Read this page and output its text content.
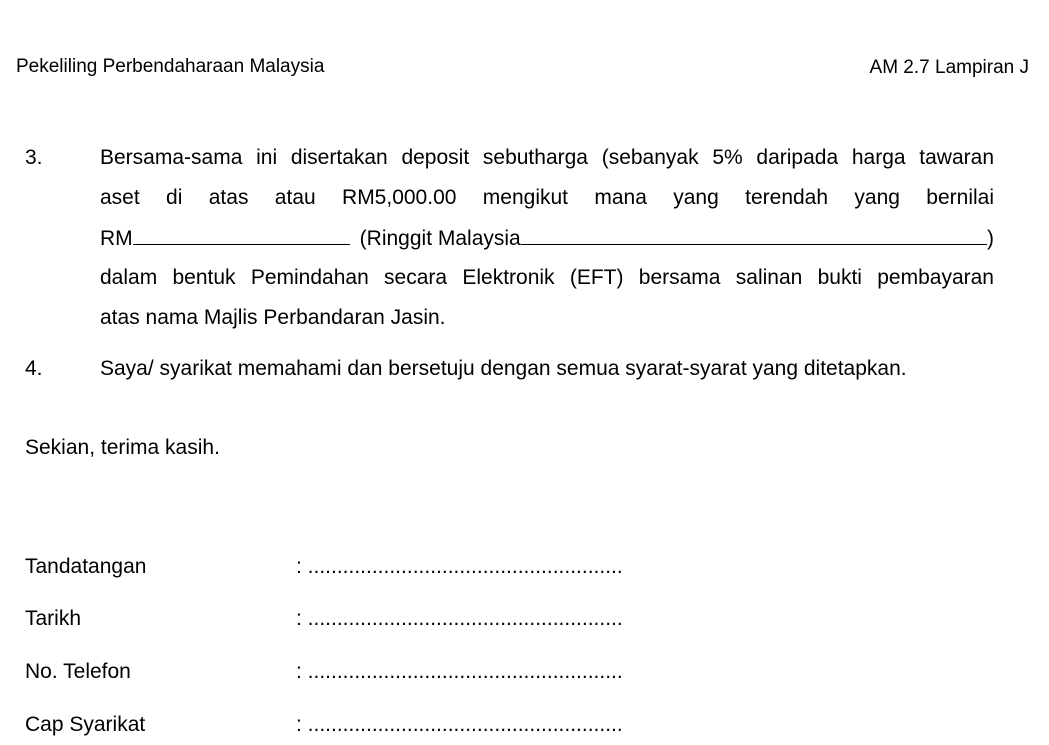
Pekeliling Perbendaharaan Malaysia	AM 2.7 Lampiran J
3.	Bersama-sama ini disertakan deposit sebutharga (sebanyak 5% daripada harga tawaran
aset di atas atau RM5,000.00 mengikut mana yang terendah yang bernilai
RM	(Ringgit Malaysia	)
dalam bentuk Pemindahan secara Elektronik (EFT) bersama salinan bukti pembayaran
atas nama Majlis Perbandaran Jasin.
4.	Saya/ syarikat memahami dan bersetuju dengan semua syarat-syarat yang ditetapkan.
Sekian, terima kasih.
Tandatangan	: ......................................................
Tarikh	: ......................................................
No. Telefon	: ......................................................
Cap Syarikat	: ......................................................
